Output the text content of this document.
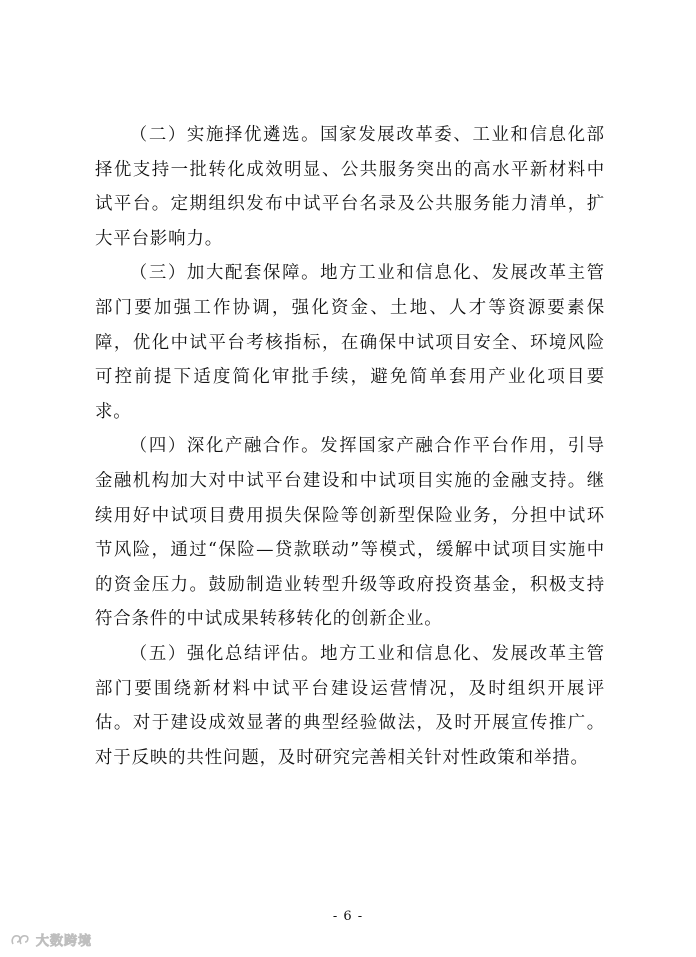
（二）实施择优遴选。国家发展改革委、工业和信息化部择优支持一批转化成效明显、公共服务突出的高水平新材料中试平台。定期组织发布中试平台名录及公共服务能力清单，扩大平台影响力。

（三）加大配套保障。地方工业和信息化、发展改革主管部门要加强工作协调，强化资金、土地、人才等资源要素保障，优化中试平台考核指标，在确保中试项目安全、环境风险可控前提下适度简化审批手续，避免简单套用产业化项目要求。

（四）深化产融合作。发挥国家产融合作平台作用，引导金融机构加大对中试平台建设和中试项目实施的金融支持。继续用好中试项目费用损失保险等创新型保险业务，分担中试环节风险，通过“保险—贷款联动”等模式，缓解中试项目实施中的资金压力。鼓励制造业转型升级等政府投资基金，积极支持符合条件的中试成果转移转化的创新企业。

（五）强化总结评估。地方工业和信息化、发展改革主管部门要围绕新材料中试平台建设运营情况，及时组织开展评估。对于建设成效显著的典型经验做法，及时开展宣传推广。对于反映的共性问题，及时研究完善相关针对性政策和举措。

- 6 -
大数跨境
